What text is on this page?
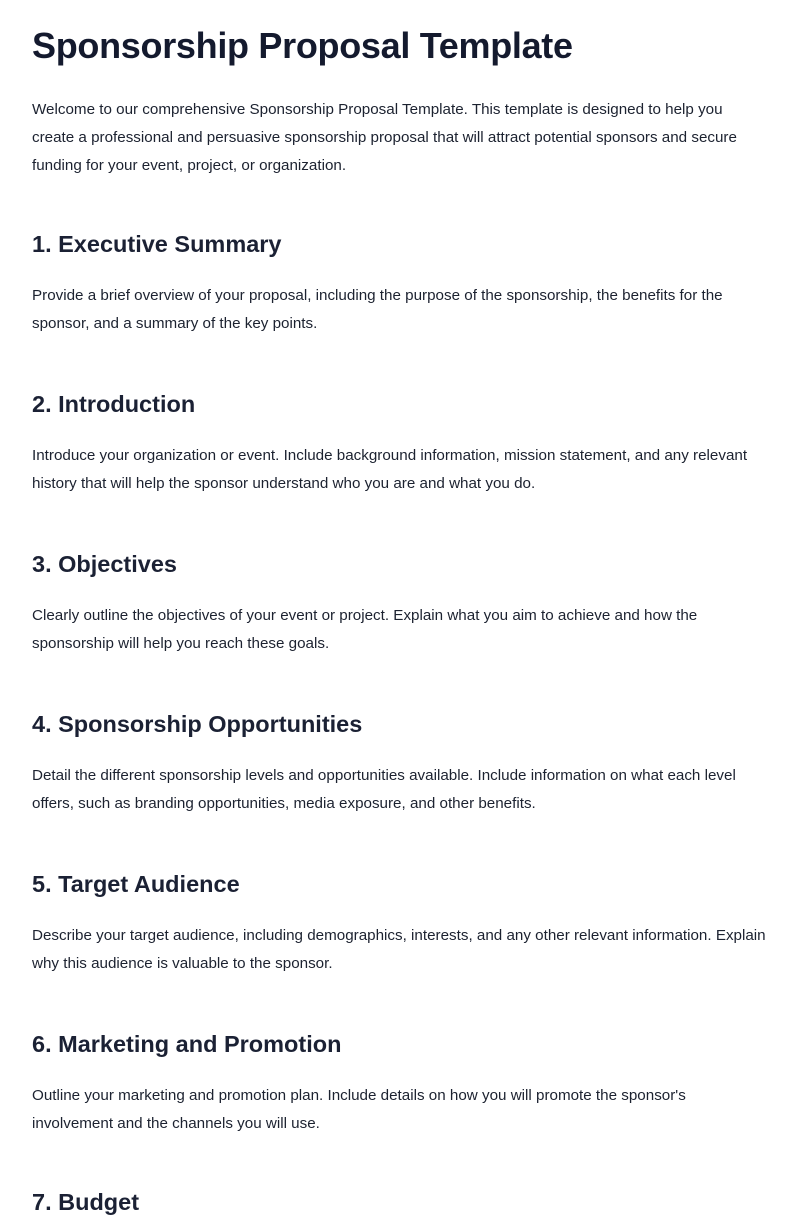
Sponsorship Proposal Template

Welcome to our comprehensive Sponsorship Proposal Template. This template is designed to help you create a professional and persuasive sponsorship proposal that will attract potential sponsors and secure funding for your event, project, or organization.

1. Executive Summary

Provide a brief overview of your proposal, including the purpose of the sponsorship, the benefits for the sponsor, and a summary of the key points.

2. Introduction

Introduce your organization or event. Include background information, mission statement, and any relevant history that will help the sponsor understand who you are and what you do.

3. Objectives

Clearly outline the objectives of your event or project. Explain what you aim to achieve and how the sponsorship will help you reach these goals.

4. Sponsorship Opportunities

Detail the different sponsorship levels and opportunities available. Include information on what each level offers, such as branding opportunities, media exposure, and other benefits.

5. Target Audience

Describe your target audience, including demographics, interests, and any other relevant information. Explain why this audience is valuable to the sponsor.

6. Marketing and Promotion

Outline your marketing and promotion plan. Include details on how you will promote the sponsor's involvement and the channels you will use.

7. Budget
